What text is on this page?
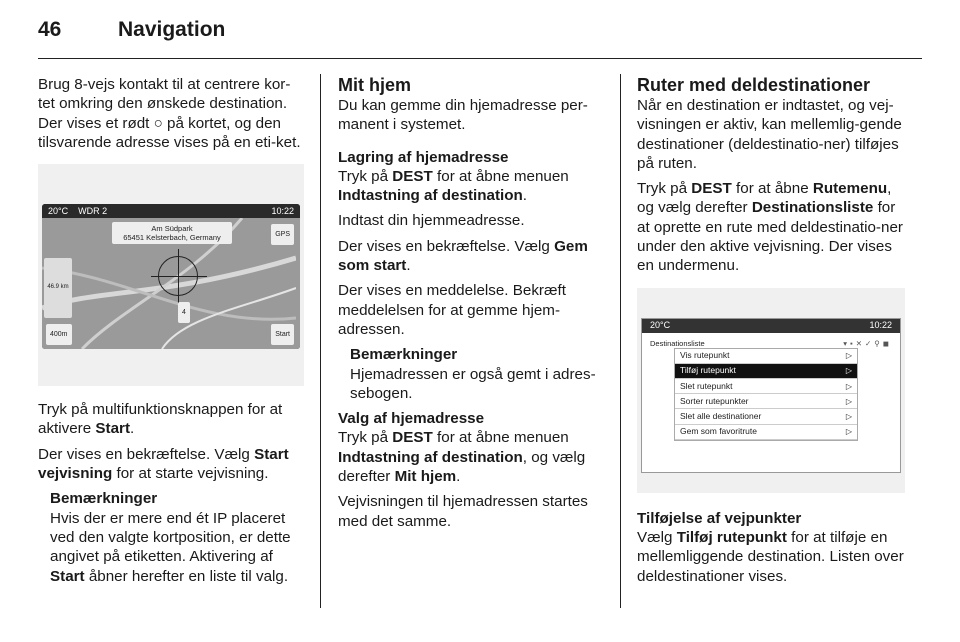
46	Navigation

Brug 8-vejs kontakt til at centrere kor-tet omkring den ønskede destination. Der vises et rødt ○ på kortet, og den tilsvarende adresse vises på en eti-ket.

20°C WDR 2	10:22
Am Südpark
65451 Kelsterbach, Germany	GPS
46.9 km
4
400m	Start

Tryk på multifunktionsknappen for at aktivere Start.

Der vises en bekræftelse. Vælg Start vejvisning for at starte vejvisning.

Bemærkninger
Hvis der er mere end ét IP placeret ved den valgte kortposition, er dette angivet på etiketten. Aktivering af Start åbner herefter en liste til valg.
Mit hjem

Du kan gemme din hjemadresse per-manent i systemet.

Lagring af hjemadresse

Tryk på DEST for at åbne menuen Indtastning af destination.

Indtast din hjemmeadresse.

Der vises en bekræftelse. Vælg Gem som start.

Der vises en meddelelse. Bekræft meddelelsen for at gemme hjem-adressen.

Bemærkninger
Hjemadressen er også gemt i adres-sebogen.
Valg af hjemadresse

Tryk på DEST for at åbne menuen Indtastning af destination, og vælg derefter Mit hjem.

Vejvisningen til hjemadressen startes med det samme.

Ruter med deldestinationer

Når en destination er indtastet, og vej-visningen er aktiv, kan mellemlig-gende destinationer (deldestinatio-ner) tilføjes på ruten.

Tryk på DEST for at åbne Rutemenu, og vælg derefter Destinationsliste for at oprette en rute med deldestinatio-ner under den aktive vejvisning. Der vises en undermenu.

20°C	10:22
Destinationsliste	▾▪✕✓⚲◼
Vis rutepunkt	▷
Tilføj rutepunkt	▷
Slet rutepunkt	▷
Sorter rutepunkter	▷
Slet alle destinationer	▷
Gem som favoritrute	▷
Tilføjelse af vejpunkter

Vælg Tilføj rutepunkt for at tilføje en mellemliggende destination. Listen over deldestinationer vises.
